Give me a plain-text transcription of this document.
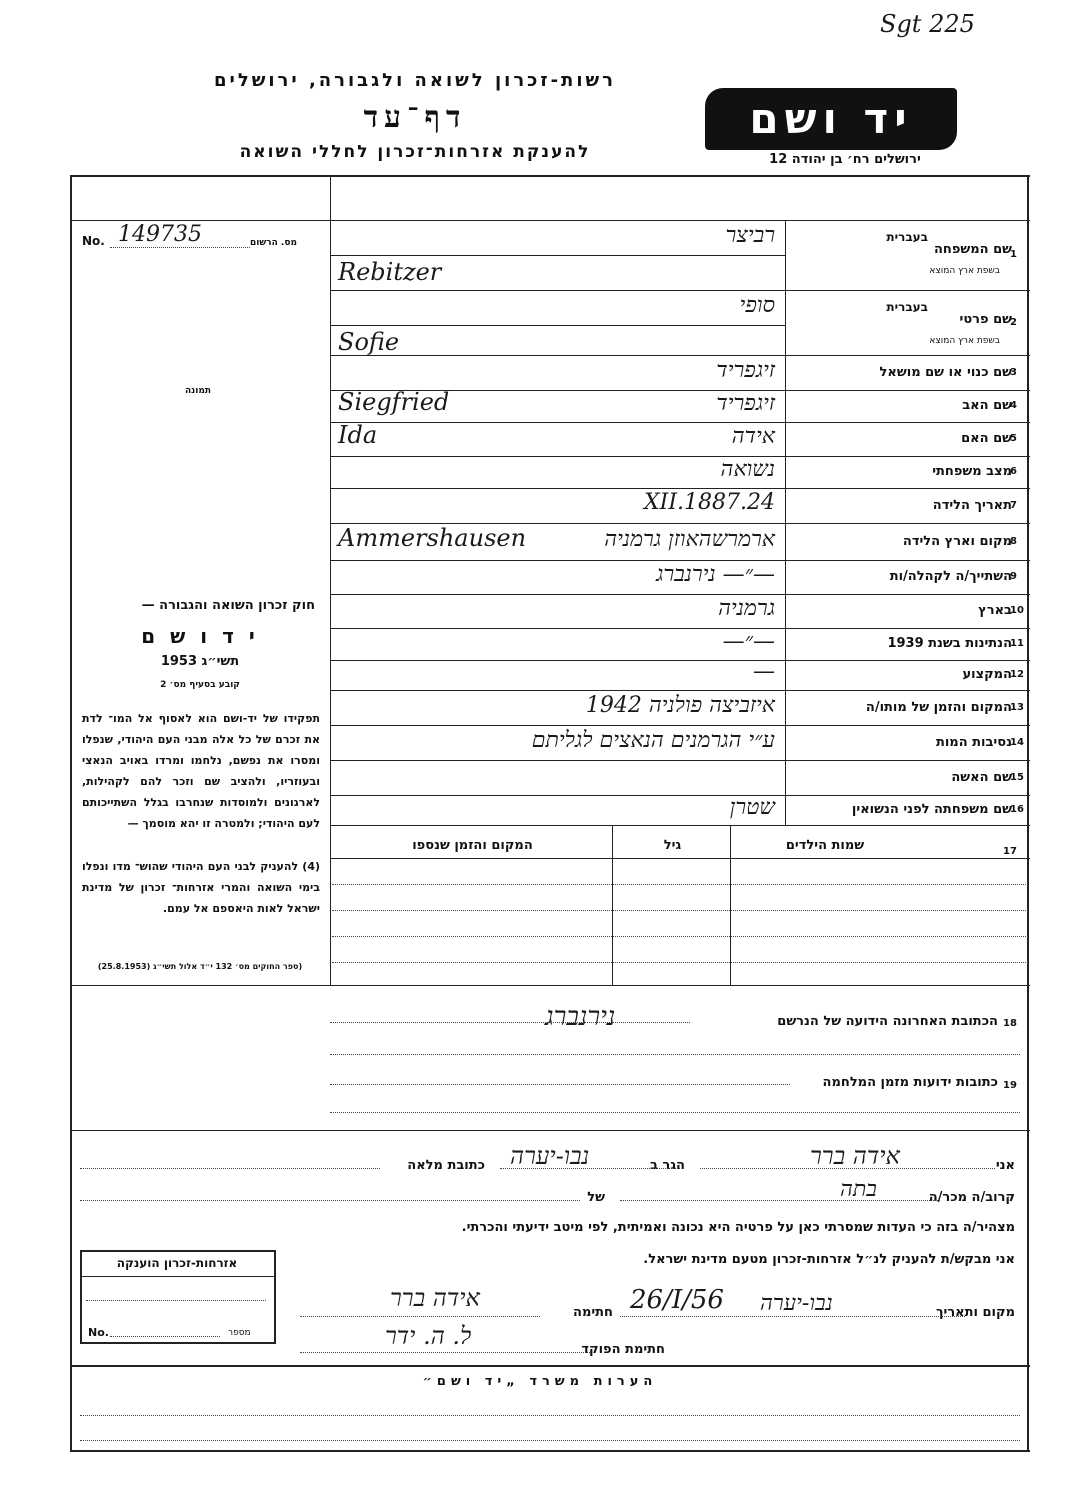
Sgt 225
רשות-זכרון לשואה ולגבורה, ירושלים
דף־עד
להענקת אזרחות־זכרון לחללי השואה
יד ושם
ירושלים רח׳ בן יהודה 12
מס. הרשום
No. 149735
תמונה
חוק זכרון השואה והגבורה —
י ד ו ש ם
תשי״ג 1953
קובע בסעיף מס׳ 2
תפקידו של יד-ושם הוא לאסוף אל המו־ לדת את זכרם של כל אלה מבני העם היהודי, שנפלו ומסרו את נפשם, נלחמו ומרדו באויב הנאצי ובעוזריו, ולהציב שם וזכר להם לקהילות, לארגונים ולמוסדות שנחרבו בגלל השתייכותם לעם היהודי; ולמטרה זו יהא מוסמך —
(4) להעניק לבני העם היהודי שהוש־ מדו ונפלו בימי השואה והמרי אזרחות־ זכרון של מדינת ישראל לאות היאספם אל עמם.
(ספר החוקים מס׳ 132 י״ד אלול תשי״ג (25.8.1953)
1
שם המשפחה
בעברית
בשפת ארץ המוצא
רביצר
Rebitzer
2
שם פרטי
בעברית
בשפת ארץ המוצא
סופי
Sofie
3
שם כנוי או שם מושאל
זיגפריד
4
שם האב
זיגפריד
Siegfried
5
שם האם
אידה
Ida
6
מצב משפחתי
נשואה
7
תאריך הלידה
24.XII.1887
8
מקום וארץ הלידה
ארמרשהאוזן גרמניה
Ammershausen
9
השתייך/ה לקהלה/ות
—״— נירנברג
10
בארץ
גרמניה
11
הנתינות בשנת 1939
—״—
12
המקצוע
—
13
המקום והזמן של מותו/ה
איזביצה פולניה 1942
14
נסיבות המות
ע״י הגרמנים הנאצים לגליתם
15
שם האשה
16
שם משפחתה לפני הנשואין
שטרן
17
שמות הילדים
גיל
המקום והזמן שנספו
18
הכתובת האחרונה הידועה של הנרשם
נירנברג
19
כתובות ידועות מזמן המלחמה
אני
אידה ברר
הגר ב
נבו-יערה
כתובת מלאה
קרוב/ה מכר/ה
בתה
של
מצהיר/ה בזה כי העדות שמסרתי כאן על פרטיה היא נכונה ואמיתית, לפי מיטב ידיעתי והכרתי.
אני מבקש/ת להעניק לנ״ל אזרחות-זכרון מטעם מדינת ישראל.
אזרחות-זכרון הוענקה
No.	מספר
מקום ותאריך
נבו-יערה
26/I/56
חתימה
אידה ברר
חתימת הפוקד
ל. ה. ידר
הערות משרד „יד ושם״
